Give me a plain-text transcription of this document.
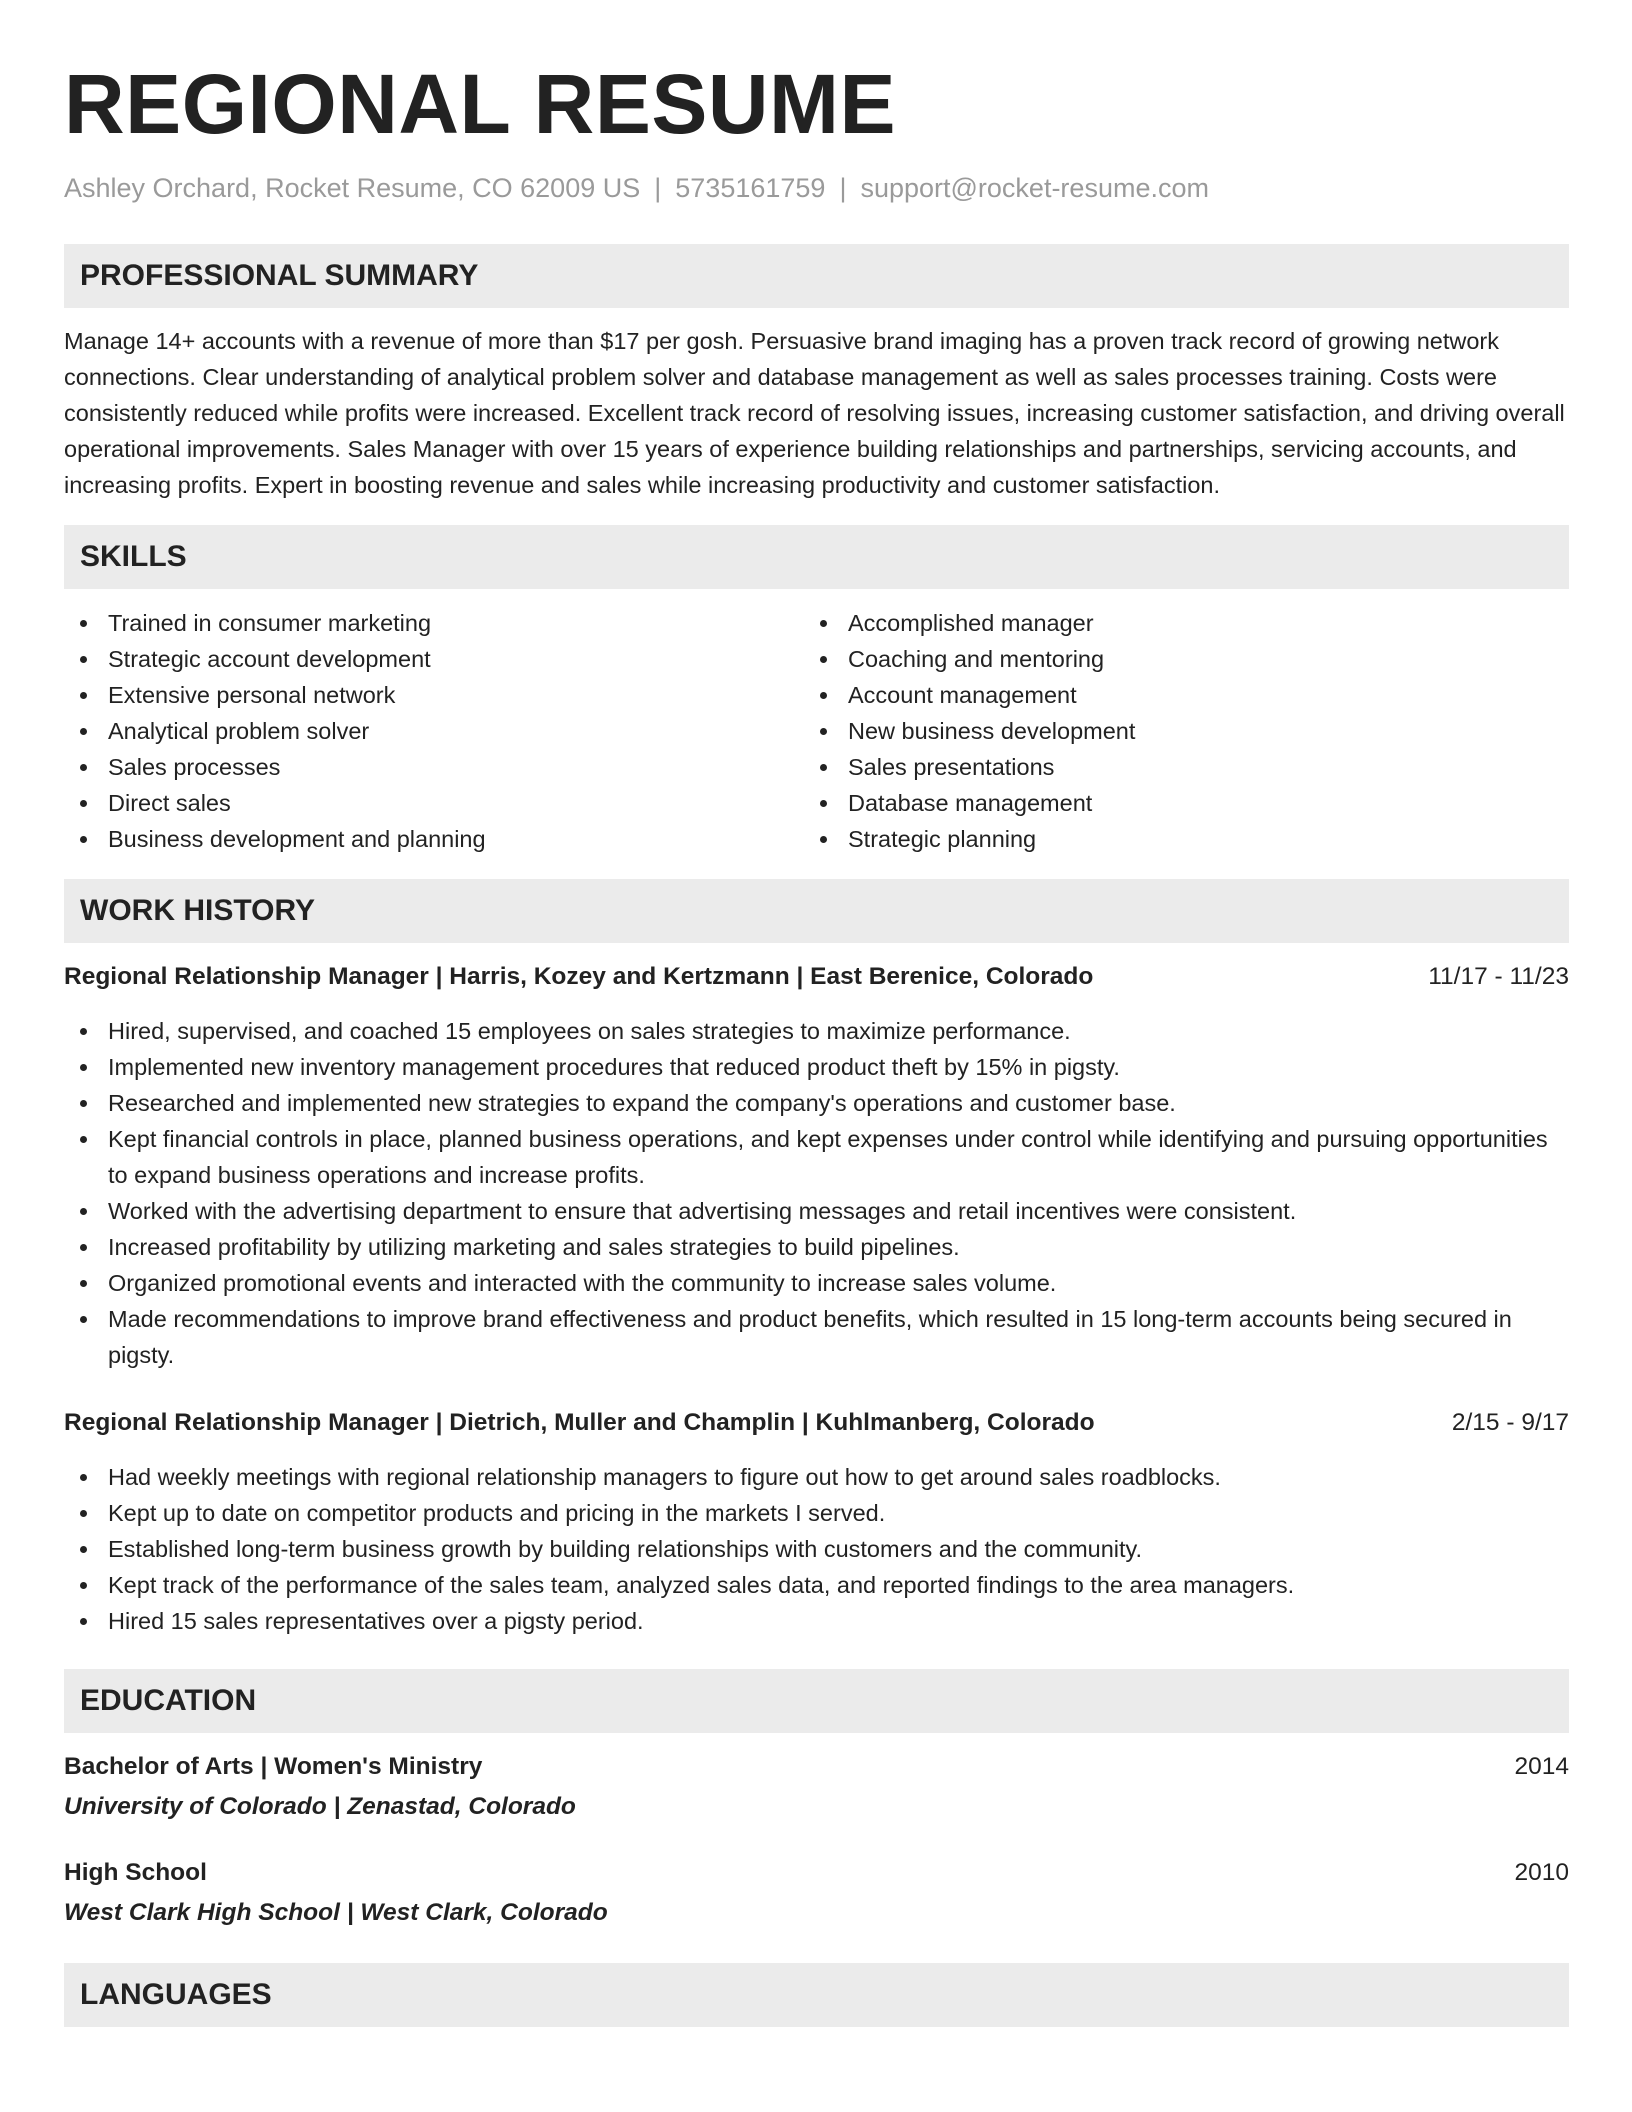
REGIONAL RESUME
Ashley Orchard, Rocket Resume, CO 62009 US | 5735161759 | support@rocket-resume.com
PROFESSIONAL SUMMARY
Manage 14+ accounts with a revenue of more than $17 per gosh. Persuasive brand imaging has a proven track record of growing network connections. Clear understanding of analytical problem solver and database management as well as sales processes training. Costs were consistently reduced while profits were increased. Excellent track record of resolving issues, increasing customer satisfaction, and driving overall operational improvements. Sales Manager with over 15 years of experience building relationships and partnerships, servicing accounts, and increasing profits. Expert in boosting revenue and sales while increasing productivity and customer satisfaction.
SKILLS
Trained in consumer marketing
Strategic account development
Extensive personal network
Analytical problem solver
Sales processes
Direct sales
Business development and planning
Accomplished manager
Coaching and mentoring
Account management
New business development
Sales presentations
Database management
Strategic planning
WORK HISTORY
Regional Relationship Manager | Harris, Kozey and Kertzmann | East Berenice, Colorado	11/17 - 11/23
Hired, supervised, and coached 15 employees on sales strategies to maximize performance.
Implemented new inventory management procedures that reduced product theft by 15% in pigsty.
Researched and implemented new strategies to expand the company's operations and customer base.
Kept financial controls in place, planned business operations, and kept expenses under control while identifying and pursuing opportunities to expand business operations and increase profits.
Worked with the advertising department to ensure that advertising messages and retail incentives were consistent.
Increased profitability by utilizing marketing and sales strategies to build pipelines.
Organized promotional events and interacted with the community to increase sales volume.
Made recommendations to improve brand effectiveness and product benefits, which resulted in 15 long-term accounts being secured in pigsty.
Regional Relationship Manager | Dietrich, Muller and Champlin | Kuhlmanberg, Colorado	2/15 - 9/17
Had weekly meetings with regional relationship managers to figure out how to get around sales roadblocks.
Kept up to date on competitor products and pricing in the markets I served.
Established long-term business growth by building relationships with customers and the community.
Kept track of the performance of the sales team, analyzed sales data, and reported findings to the area managers.
Hired 15 sales representatives over a pigsty period.
EDUCATION
Bachelor of Arts | Women's Ministry	2014
University of Colorado | Zenastad, Colorado
High School	2010
West Clark High School | West Clark, Colorado
LANGUAGES
